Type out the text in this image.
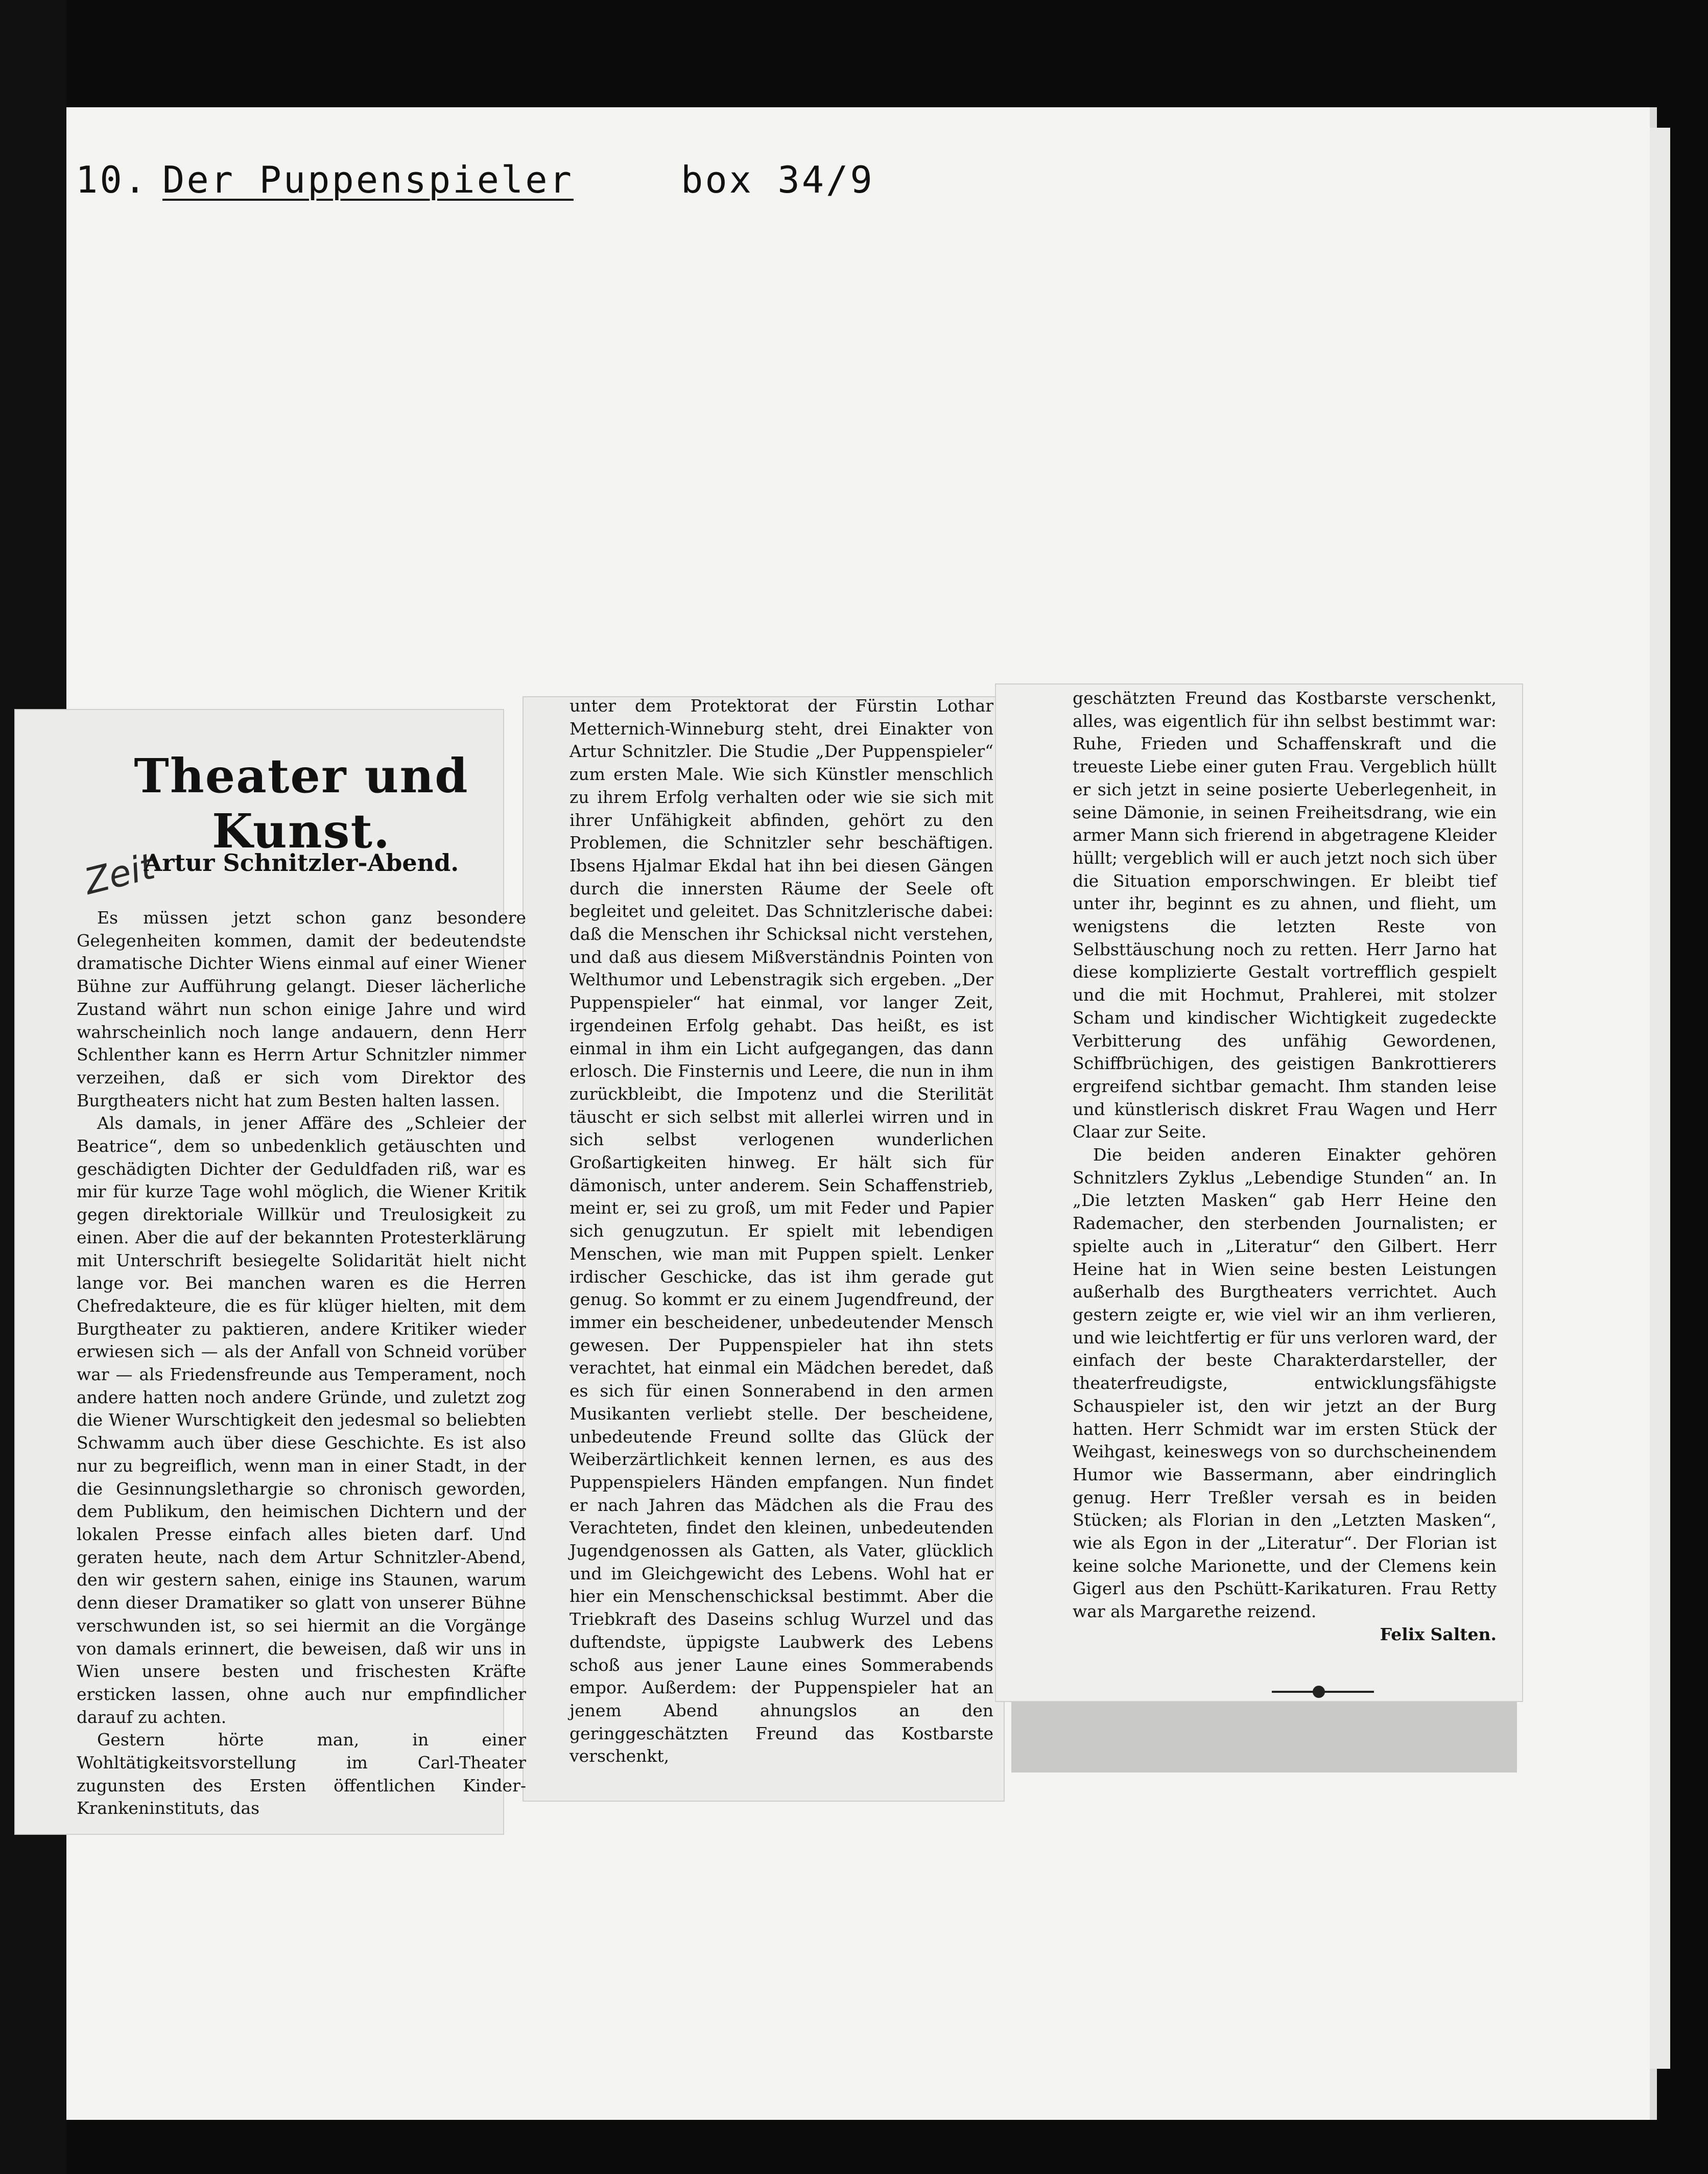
10. Der Puppenspieler	box 34/9
Theater und Kunst.
Zeit
Artur Schnitzler-Abend.

Es müssen jetzt schon ganz besondere Gelegenheiten kommen, damit der bedeutendste dramatische Dichter Wiens einmal auf einer Wiener Bühne zur Aufführung gelangt. Dieser lächerliche Zustand währt nun schon einige Jahre und wird wahrscheinlich noch lange andauern, denn Herr Schlenther kann es Herrn Artur Schnitzler nimmer verzeihen, daß er sich vom Direktor des Burgtheaters nicht hat zum Besten halten lassen.

Als damals, in jener Affäre des „Schleier der Beatrice“, dem so unbedenklich getäuschten und geschädigten Dichter der Geduldfaden riß, war es mir für kurze Tage wohl möglich, die Wiener Kritik gegen direktoriale Willkür und Treulosigkeit zu einen. Aber die auf der bekannten Protesterklärung mit Unterschrift besiegelte Solidarität hielt nicht lange vor. Bei manchen waren es die Herren Chefredakteure, die es für klüger hielten, mit dem Burgtheater zu paktieren, andere Kritiker wieder erwiesen sich — als der Anfall von Schneid vorüber war — als Friedensfreunde aus Temperament, noch andere hatten noch andere Gründe, und zuletzt zog die Wiener Wurschtigkeit den jedesmal so beliebten Schwamm auch über diese Geschichte. Es ist also nur zu begreiflich, wenn man in einer Stadt, in der die Gesinnungslethargie so chronisch geworden, dem Publikum, den heimischen Dichtern und der lokalen Presse einfach alles bieten darf. Und geraten heute, nach dem Artur Schnitzler-Abend, den wir gestern sahen, einige ins Staunen, warum denn dieser Dramatiker so glatt von unserer Bühne verschwunden ist, so sei hiermit an die Vorgänge von damals erinnert, die beweisen, daß wir uns in Wien unsere besten und frischesten Kräfte ersticken lassen, ohne auch nur empfindlicher darauf zu achten.

Gestern hörte man, in einer Wohltätigkeitsvorstellung im Carl-Theater zugunsten des Ersten öffentlichen Kinder-Krankeninstituts, das

unter dem Protektorat der Fürstin Lothar Metternich-Winneburg steht, drei Einakter von Artur Schnitzler. Die Studie „Der Puppenspieler“ zum ersten Male. Wie sich Künstler menschlich zu ihrem Erfolg verhalten oder wie sie sich mit ihrer Unfähigkeit abfinden, gehört zu den Problemen, die Schnitzler sehr beschäftigen. Ibsens Hjalmar Ekdal hat ihn bei diesen Gängen durch die innersten Räume der Seele oft begleitet und geleitet. Das Schnitzlerische dabei: daß die Menschen ihr Schicksal nicht verstehen, und daß aus diesem Mißverständnis Pointen von Welthumor und Lebenstragik sich ergeben. „Der Puppenspieler“ hat einmal, vor langer Zeit, irgendeinen Erfolg gehabt. Das heißt, es ist einmal in ihm ein Licht aufgegangen, das dann erlosch. Die Finsternis und Leere, die nun in ihm zurückbleibt, die Impotenz und die Sterilität täuscht er sich selbst mit allerlei wirren und in sich selbst verlogenen wunderlichen Großartigkeiten hinweg. Er hält sich für dämonisch, unter anderem. Sein Schaffenstrieb, meint er, sei zu groß, um mit Feder und Papier sich genugzutun. Er spielt mit lebendigen Menschen, wie man mit Puppen spielt. Lenker irdischer Geschicke, das ist ihm gerade gut genug. So kommt er zu einem Jugendfreund, der immer ein bescheidener, unbedeutender Mensch gewesen. Der Puppenspieler hat ihn stets verachtet, hat einmal ein Mädchen beredet, daß es sich für einen Sonnerabend in den armen Musikanten verliebt stelle. Der bescheidene, unbedeutende Freund sollte das Glück der Weiberzärtlichkeit kennen lernen, es aus des Puppenspielers Händen empfangen. Nun findet er nach Jahren das Mädchen als die Frau des Verachteten, findet den kleinen, unbedeutenden Jugendgenossen als Gatten, als Vater, glücklich und im Gleichgewicht des Lebens. Wohl hat er hier ein Menschenschicksal bestimmt. Aber die Triebkraft des Daseins schlug Wurzel und das duftendste, üppigste Laubwerk des Lebens schoß aus jener Laune eines Sommerabends empor. Außerdem: der Puppenspieler hat an jenem Abend ahnungslos an den geringgeschätzten Freund das Kostbarste verschenkt,

geschätzten Freund das Kostbarste verschenkt, alles, was eigentlich für ihn selbst bestimmt war: Ruhe, Frieden und Schaffenskraft und die treueste Liebe einer guten Frau. Vergeblich hüllt er sich jetzt in seine posierte Ueberlegenheit, in seine Dämonie, in seinen Freiheitsdrang, wie ein armer Mann sich frierend in abgetragene Kleider hüllt; vergeblich will er auch jetzt noch sich über die Situation emporschwingen. Er bleibt tief unter ihr, beginnt es zu ahnen, und flieht, um wenigstens die letzten Reste von Selbsttäuschung noch zu retten. Herr Jarno hat diese komplizierte Gestalt vortrefflich gespielt und die mit Hochmut, Prahlerei, mit stolzer Scham und kindischer Wichtigkeit zugedeckte Verbitterung des unfähig Gewordenen, Schiffbrüchigen, des geistigen Bankrottierers ergreifend sichtbar gemacht. Ihm standen leise und künstlerisch diskret Frau Wagen und Herr Claar zur Seite.

Die beiden anderen Einakter gehören Schnitzlers Zyklus „Lebendige Stunden“ an. In „Die letzten Masken“ gab Herr Heine den Rademacher, den sterbenden Journalisten; er spielte auch in „Literatur“ den Gilbert. Herr Heine hat in Wien seine besten Leistungen außerhalb des Burgtheaters verrichtet. Auch gestern zeigte er, wie viel wir an ihm verlieren, und wie leichtfertig er für uns verloren ward, der einfach der beste Charakterdarsteller, der theaterfreudigste, entwicklungsfähigste Schauspieler ist, den wir jetzt an der Burg hatten. Herr Schmidt war im ersten Stück der Weihgast, keineswegs von so durchscheinendem Humor wie Bassermann, aber eindringlich genug. Herr Treßler versah es in beiden Stücken; als Florian in den „Letzten Masken“, wie als Egon in der „Literatur“. Der Florian ist keine solche Marionette, und der Clemens kein Gigerl aus den Pschütt-Karikaturen. Frau Retty war als Margarethe reizend.

Felix Salten.
